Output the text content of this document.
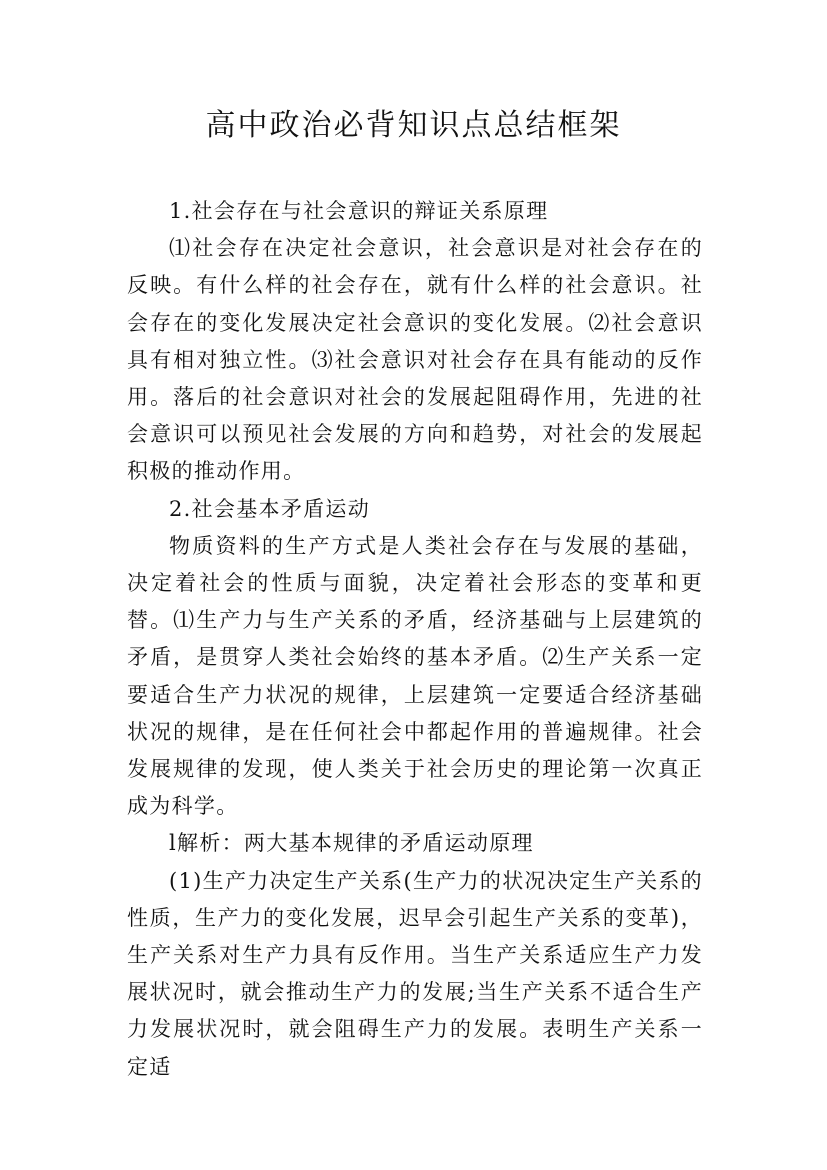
高中政治必背知识点总结框架

1.社会存在与社会意识的辩证关系原理

⑴社会存在决定社会意识，社会意识是对社会存在的反映。有什么样的社会存在，就有什么样的社会意识。社会存在的变化发展决定社会意识的变化发展。⑵社会意识具有相对独立性。⑶社会意识对社会存在具有能动的反作用。落后的社会意识对社会的发展起阻碍作用，先进的社会意识可以预见社会发展的方向和趋势，对社会的发展起积极的推动作用。

2.社会基本矛盾运动

物质资料的生产方式是人类社会存在与发展的基础，决定着社会的性质与面貌，决定着社会形态的变革和更替。⑴生产力与生产关系的矛盾，经济基础与上层建筑的矛盾，是贯穿人类社会始终的基本矛盾。⑵生产关系一定要适合生产力状况的规律，上层建筑一定要适合经济基础状况的规律，是在任何社会中都起作用的普遍规律。社会发展规律的发现，使人类关于社会历史的理论第一次真正成为科学。

l解析：两大基本规律的矛盾运动原理

(1)生产力决定生产关系(生产力的状况决定生产关系的性质，生产力的变化发展，迟早会引起生产关系的变革)，生产关系对生产力具有反作用。当生产关系适应生产力发展状况时，就会推动生产力的发展;当生产关系不适合生产力发展状况时，就会阻碍生产力的发展。表明生产关系一定适
